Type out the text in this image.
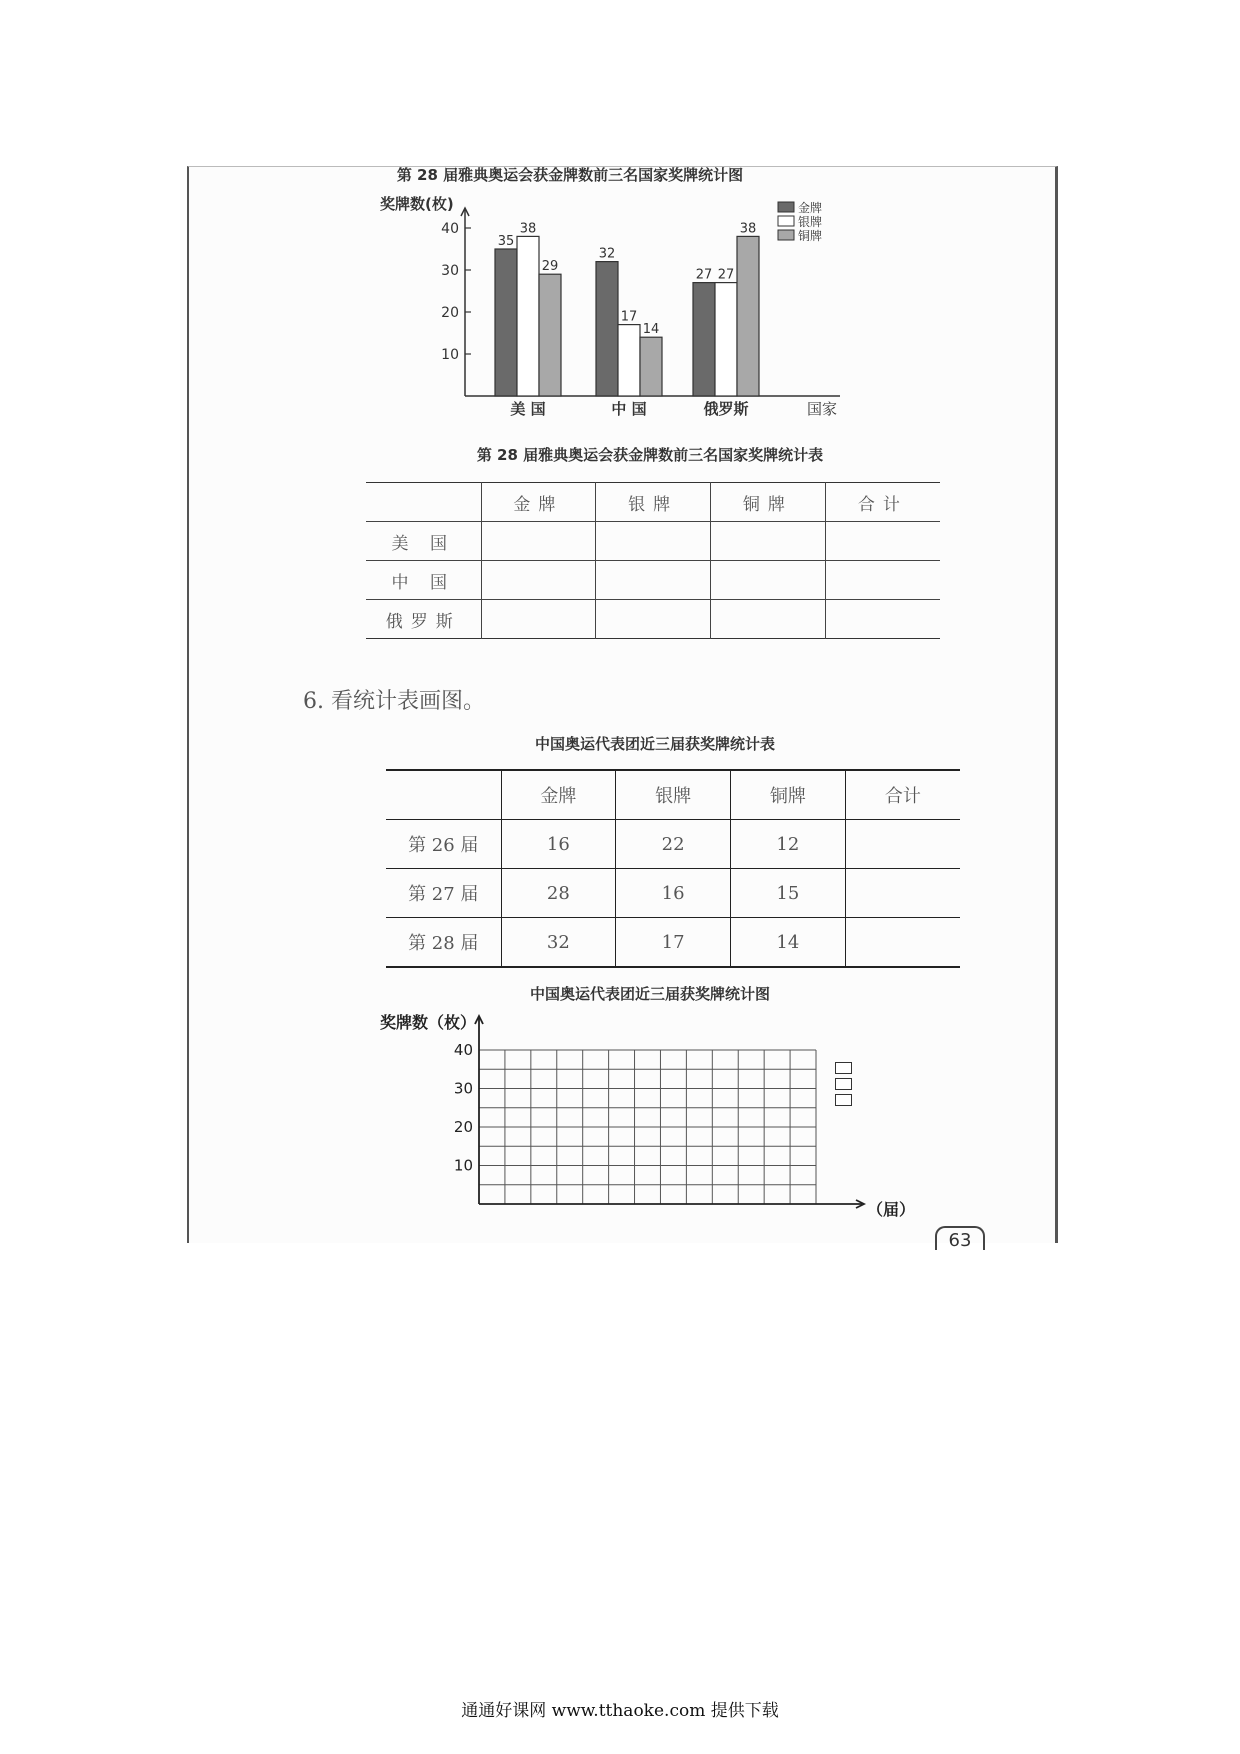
第 28 届雅典奥运会获金牌数前三名国家奖牌统计图
奖牌数(枚)
国家
10
20
30
40
35
38
29
美 国
32
17
14
中 国
27 27
38
俄罗斯
金牌
银牌
铜牌
第 28 届雅典奥运会获金牌数前三名国家奖牌统计表
	金牌	银牌	铜牌	合计
美 国				
中 国				
俄罗斯				
6. 看统计表画图。
中国奥运代表团近三届获奖牌统计表
	金牌	银牌	铜牌	合计
第 26 届	16	22	12	
第 27 届	28	16	15	
第 28 届	32	17	14	
中国奥运代表团近三届获奖牌统计图
奖牌数（枚）
（届）
10
20
30
40
63
通通好课网 www.tthaoke.com 提供下载
